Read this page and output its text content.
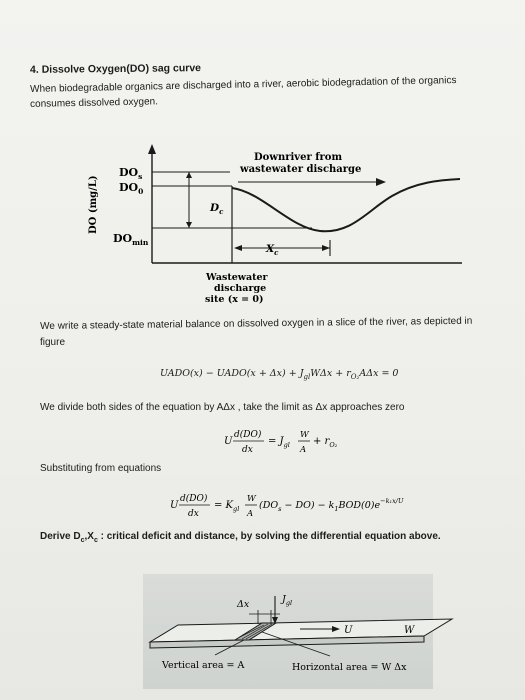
4. Dissolve Oxygen(DO) sag curve
When biodegradable organics are discharged into a river, aerobic biodegradation of the organics
consumes dissolved oxygen.
DO (mg/L)
$DO_s$
$DO_0$
$DO_{min}$
$D_c$
$X_c$
Downriver from
wastewater discharge
Wastewater
discharge
site (x = 0)
We write a steady-state material balance on dissolved oxygen in a slice of the river, as depicted in
figure
UADO(x) − UADO(x + $\Delta x) + J_{gl}W\Delta x + r_{O_2}A\Delta x = 0$
We divide both sides of the equation by AΔx , take the limit as Δx approaches zero
U
d(DO)
dx
= $J_{gl}$
W
A
+ $r_{O_2}$
Substituting from equations
U
d(DO)
dx
= $K_{gl}$
W
A
$(DO_s - DO) - k_1BOD(0)e^{-k_1x/U}$
Derive $D_c,X_c$ : critical deficit and distance, by solving the differential equation above.
Δx	$J_{gl}$
U	W
Vertical area = A	Horizontal area = W Δx
